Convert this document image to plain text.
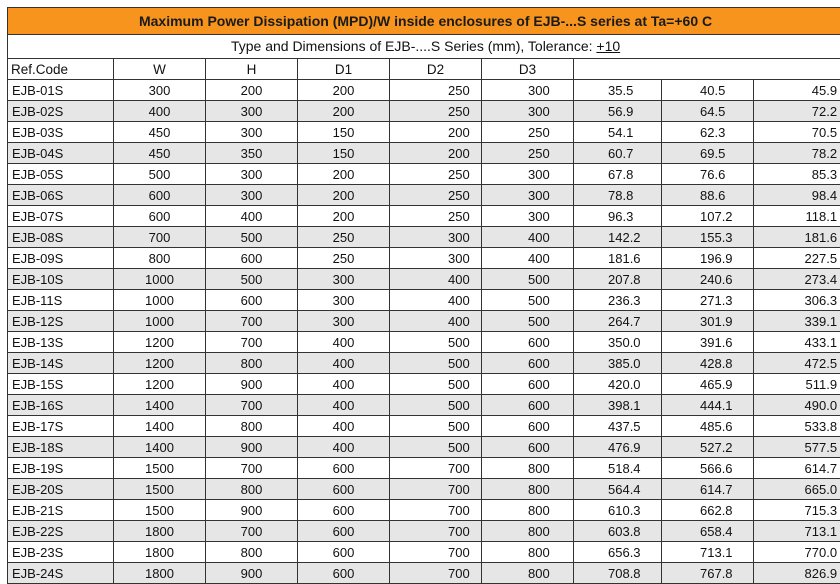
Maximum Power Dissipation (MPD)/W inside enclosures of EJB-...S series at Ta=+60 C								
Type and Dimensions of EJB-....S Series (mm), Tolerance: +10								
Ref.Code	W	H	D1	D2	D3			
EJB-01S	300	200	200	250	300	35.5	40.5	45.9
EJB-02S	400	300	200	250	300	56.9	64.5	72.2
EJB-03S	450	300	150	200	250	54.1	62.3	70.5
EJB-04S	450	350	150	200	250	60.7	69.5	78.2
EJB-05S	500	300	200	250	300	67.8	76.6	85.3
EJB-06S	600	300	200	250	300	78.8	88.6	98.4
EJB-07S	600	400	200	250	300	96.3	107.2	118.1
EJB-08S	700	500	250	300	400	142.2	155.3	181.6
EJB-09S	800	600	250	300	400	181.6	196.9	227.5
EJB-10S	1000	500	300	400	500	207.8	240.6	273.4
EJB-11S	1000	600	300	400	500	236.3	271.3	306.3
EJB-12S	1000	700	300	400	500	264.7	301.9	339.1
EJB-13S	1200	700	400	500	600	350.0	391.6	433.1
EJB-14S	1200	800	400	500	600	385.0	428.8	472.5
EJB-15S	1200	900	400	500	600	420.0	465.9	511.9
EJB-16S	1400	700	400	500	600	398.1	444.1	490.0
EJB-17S	1400	800	400	500	600	437.5	485.6	533.8
EJB-18S	1400	900	400	500	600	476.9	527.2	577.5
EJB-19S	1500	700	600	700	800	518.4	566.6	614.7
EJB-20S	1500	800	600	700	800	564.4	614.7	665.0
EJB-21S	1500	900	600	700	800	610.3	662.8	715.3
EJB-22S	1800	700	600	700	800	603.8	658.4	713.1
EJB-23S	1800	800	600	700	800	656.3	713.1	770.0
EJB-24S	1800	900	600	700	800	708.8	767.8	826.9
